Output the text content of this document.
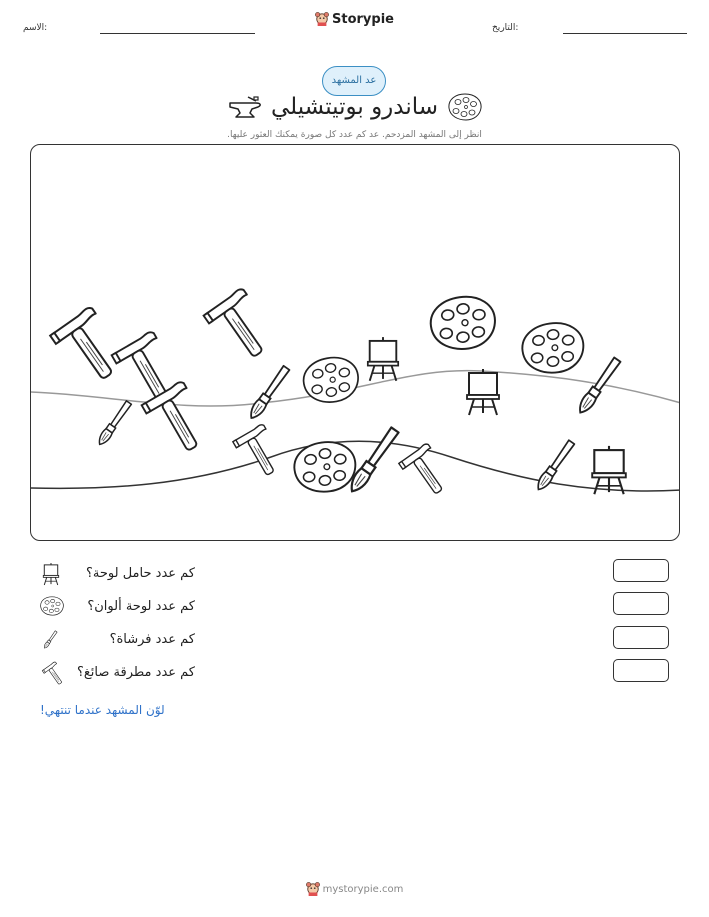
الاسم:
Storypie
التاريخ:
عد المشهد
ساندرو بوتيتشيلي
انظر إلى المشهد المزدحم. عد كم عدد كل صورة يمكنك العثور عليها.
كم عدد حامل لوحة؟
كم عدد لوحة ألوان؟
كم عدد فرشاة؟
كم عدد مطرقة صائغ؟
لوّن المشهد عندما تنتهي!
mystorypie.com
